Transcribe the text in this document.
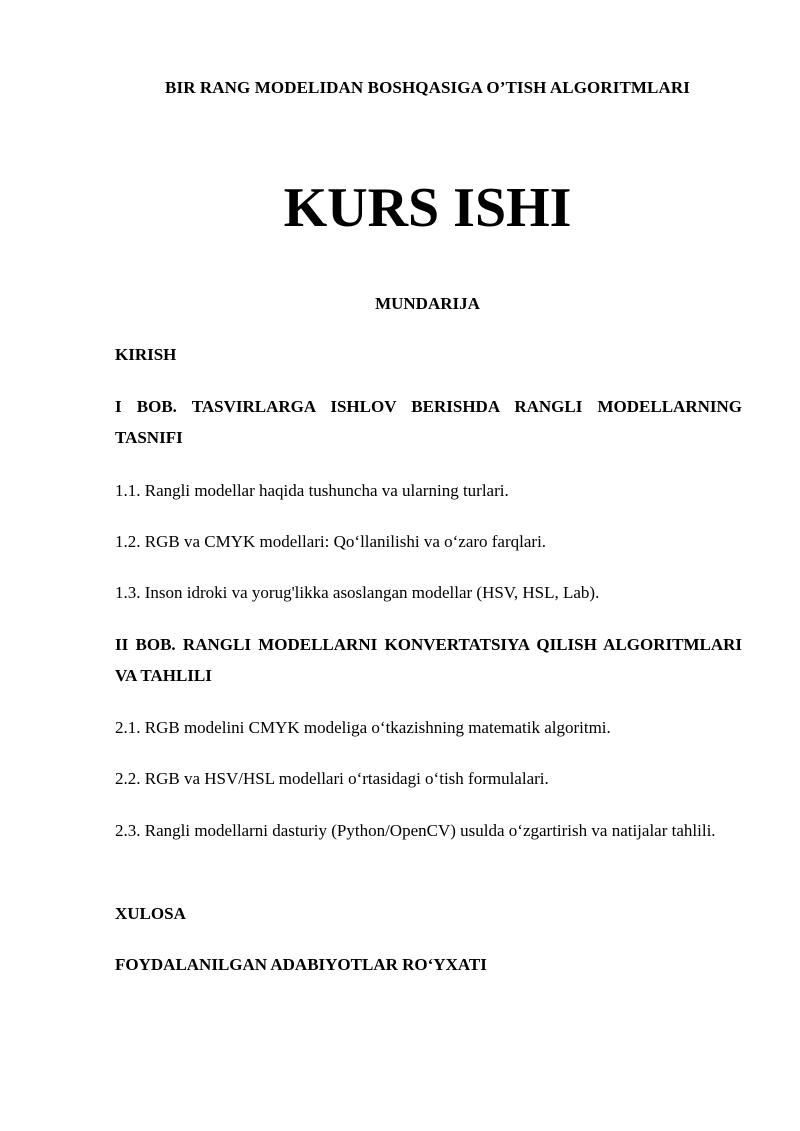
BIR RANG MODELIDAN BOSHQASIGA O’TISH ALGORITMLARI
KURS ISHI
MUNDARIJA
KIRISH
I BOB. TASVIRLARGA ISHLOV BERISHDA RANGLI MODELLARNING TASNIFI
1.1. Rangli modellar haqida tushuncha va ularning turlari.
1.2. RGB va CMYK modellari: Qo‘llanilishi va o‘zaro farqlari.
1.3. Inson idroki va yorug'likka asoslangan modellar (HSV, HSL, Lab).
II BOB. RANGLI MODELLARNI KONVERTATSIYA QILISH ALGORITMLARI VA TAHLILI
2.1. RGB modelini CMYK modeliga o‘tkazishning matematik algoritmi.
2.2. RGB va HSV/HSL modellari o‘rtasidagi o‘tish formulalari.
2.3. Rangli modellarni dasturiy (Python/OpenCV) usulda o‘zgartirish va natijalar tahlili.
XULOSA
FOYDALANILGAN ADABIYOTLAR RO‘YXATI
